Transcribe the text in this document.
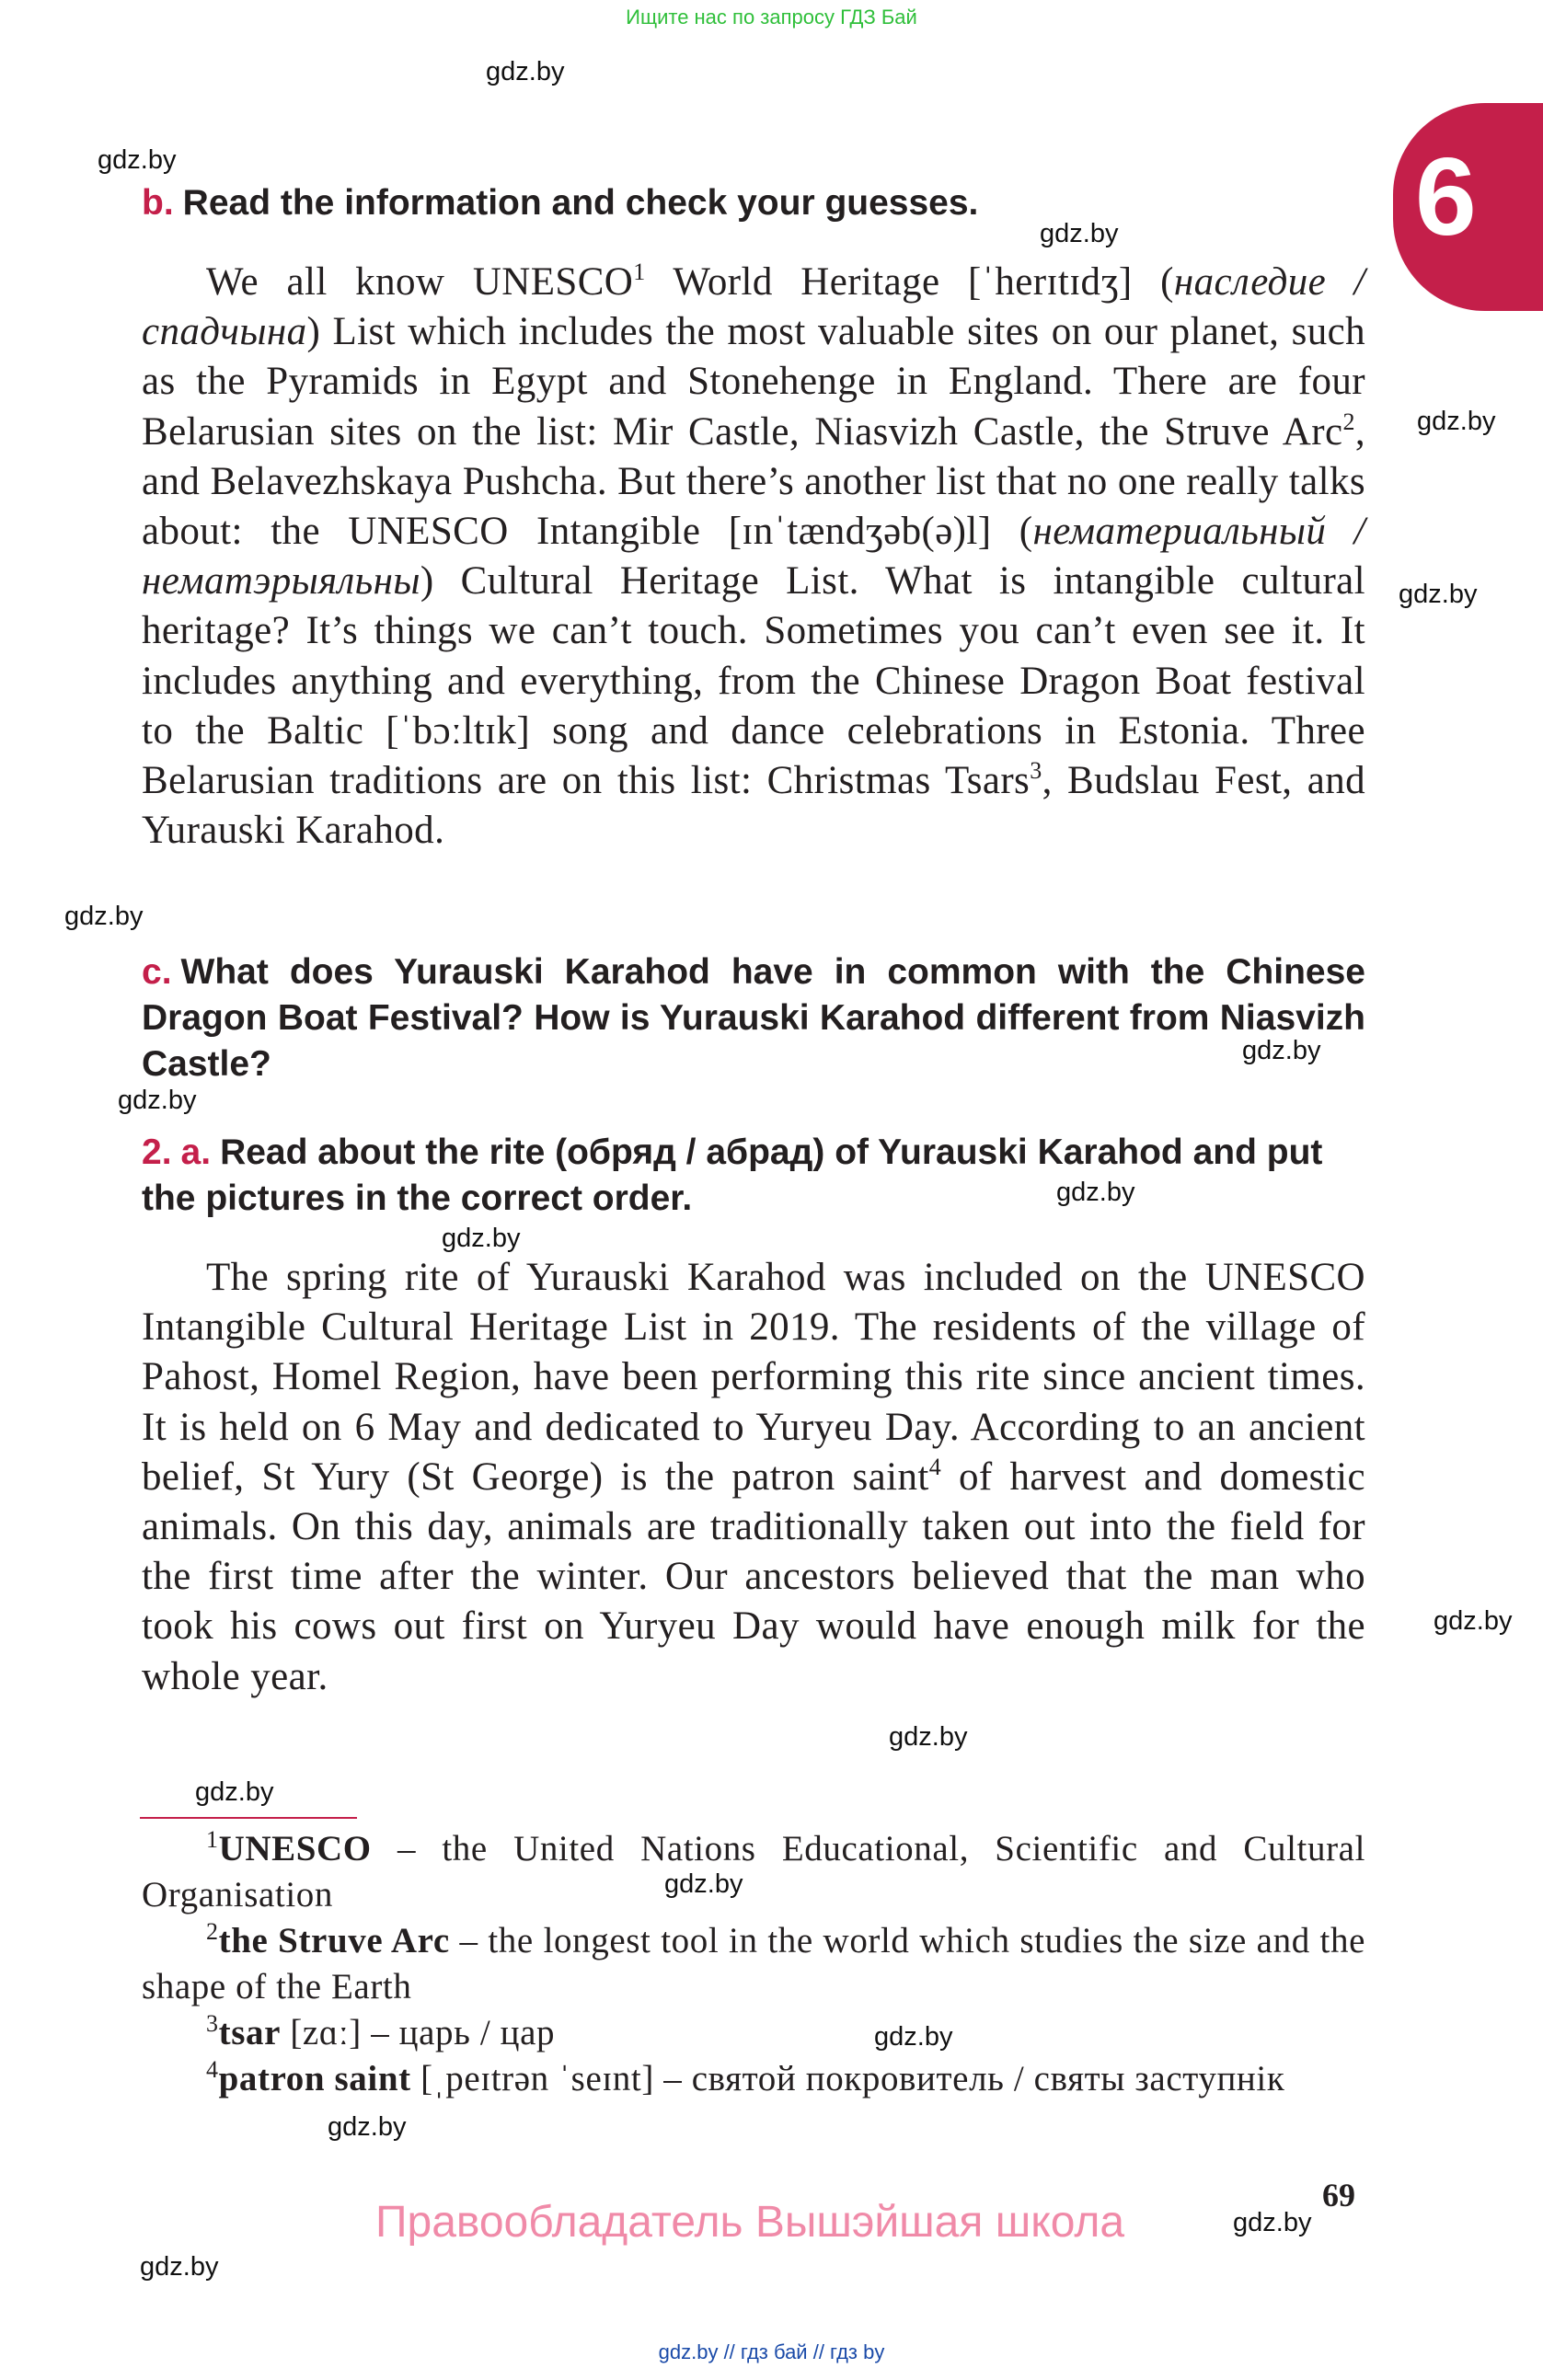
Ищите нас по запросу ГДЗ Бай
6
gdz.by
gdz.by
gdz.by
gdz.by
gdz.by
gdz.by
gdz.by
gdz.by
gdz.by
gdz.by
gdz.by
gdz.by
gdz.by
gdz.by
gdz.by
gdz.by
gdz.by
gdz.by
b. Read the information and check your guesses.
We all know UNESCO$^1$ World Heritage [ˈherɪtɪdʒ] (наследие / спадчына) List which includes the most valuable sites on our planet, such as the Pyramids in Egypt and Stonehenge in England. There are four Belarusian sites on the list: Mir Castle, Niasvizh Castle, the Struve Arc$^2$, and Belavezhskaya Pushcha. But there’s another list that no one really talks about: the UNESCO Intangible [ɪnˈtændʒəb(ə)l] (нематериальный / нематэрыяльны) Cultural Heritage List. What is intangible cultural heritage? It’s things we can’t touch. Sometimes you can’t even see it. It includes anything and everything, from the Chinese Dragon Boat festival to the Baltic [ˈbɔːltɪk] song and dance celebrations in Estonia. Three Belarusian traditions are on this list: Christmas Tsars$^3$, Budslau Fest, and Yurauski Karahod.
c. What does Yurauski Karahod have in common with the Chinese Dragon Boat Festival? How is Yurauski Karahod different from Niasvizh Castle?
2. a. Read about the rite (обряд / абрад) of Yurauski Karahod and put the pictures in the correct order.
The spring rite of Yurauski Karahod was included on the UNESCO Intangible Cultural Heritage List in 2019. The residents of the village of Pahost, Homel Region, have been performing this rite since ancient times. It is held on 6 May and dedicated to Yuryeu Day. According to an ancient belief, St Yury (St George) is the patron saint$^4$ of harvest and domestic animals. On this day, animals are traditionally taken out into the field for the first time after the winter. Our ancestors believed that the man who took his cows out first on Yuryeu Day would have enough milk for the whole year.
$^1$UNESCO – the United Nations Educational, Scientific and Cultural Organisation
$^2$the Struve Arc – the longest tool in the world which studies the size and the shape of the Earth
$^3$tsar [zɑː] – царь / цар
$^4$patron saint [ˌpeɪtrən ˈseɪnt] – святой покровитель / святы заступнік
69
Правообладатель Вышэйшая школа
gdz.by // гдз бай // гдз by
